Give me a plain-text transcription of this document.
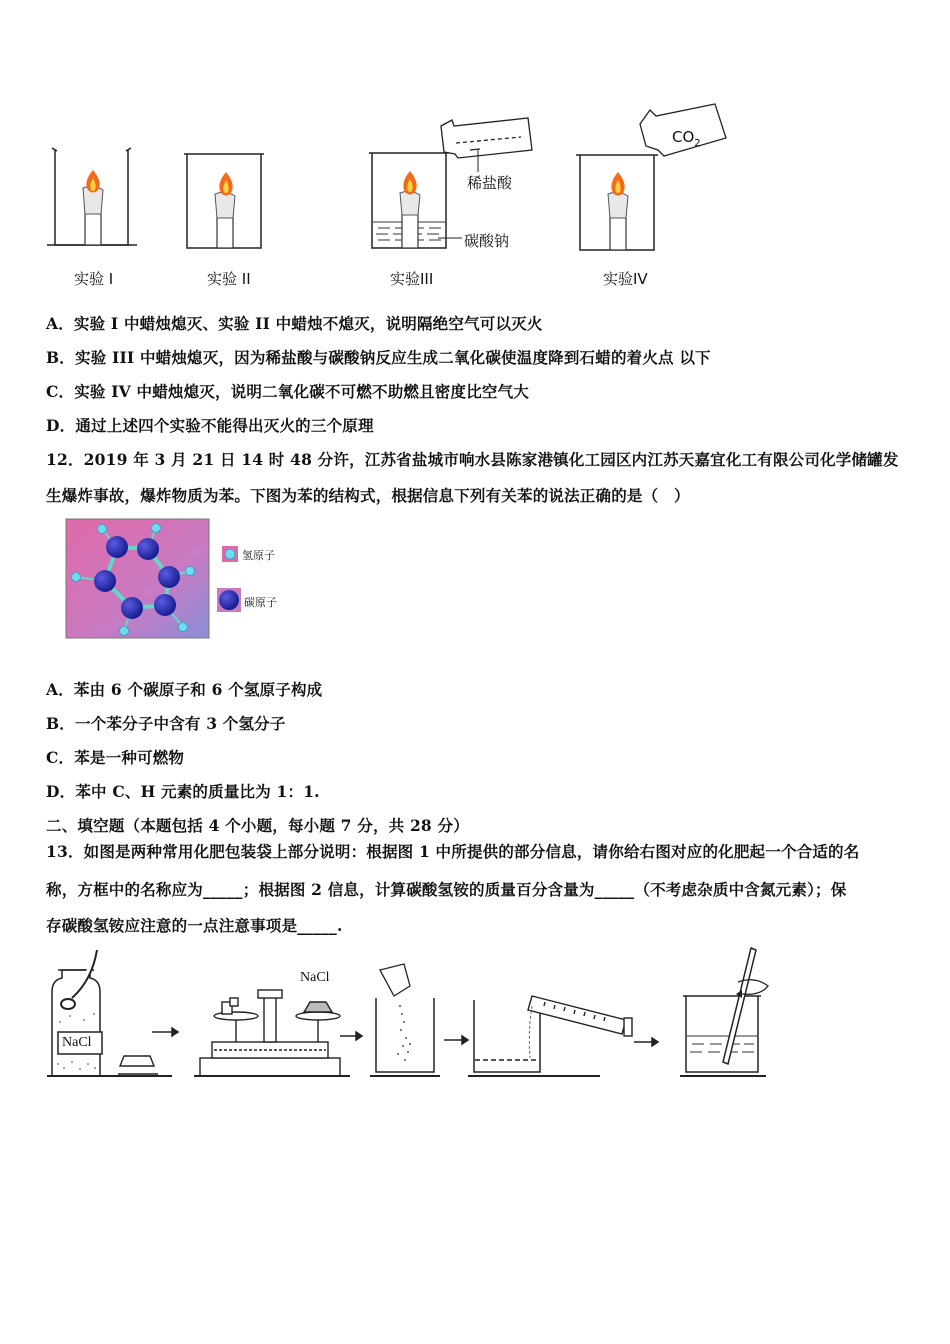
稀盐酸
碳酸钠
$CO_2$
实验 I	实验 II	实验III	实验IV
A．实验 I 中蜡烛熄灭、实验 II 中蜡烛不熄灭，说明隔绝空气可以灭火
B．实验 III 中蜡烛熄灭，因为稀盐酸与碳酸钠反应生成二氧化碳使温度降到石蜡的着火点 以下
C．实验 IV 中蜡烛熄灭，说明二氧化碳不可燃不助燃且密度比空气大
D．通过上述四个实验不能得出灭火的三个原理
12．2019 年 3 月 21 日 14 时 48 分许，江苏省盐城市响水县陈家港镇化工园区内江苏天嘉宜化工有限公司化学储罐发
生爆炸事故，爆炸物质为苯。下图为苯的结构式，根据信息下列有关苯的说法正确的是（　）
氢原子
碳原子
A．苯由 6 个碳原子和 6 个氢原子构成
B．一个苯分子中含有 3 个氢分子
C．苯是一种可燃物
D．苯中 C、H 元素的质量比为 1：1.
二、填空题（本题包括 4 个小题，每小题 7 分，共 28 分）
13．如图是两种常用化肥包装袋上部分说明：根据图 1 中所提供的部分信息，请你给右图对应的化肥起一个合适的名
称，方框中的名称应为_____；根据图 2 信息，计算碳酸氢铵的质量百分含量为_____（不考虑杂质中含氮元素）；保
存碳酸氢铵应注意的一点注意事项是_____.
NaCl
NaCl
